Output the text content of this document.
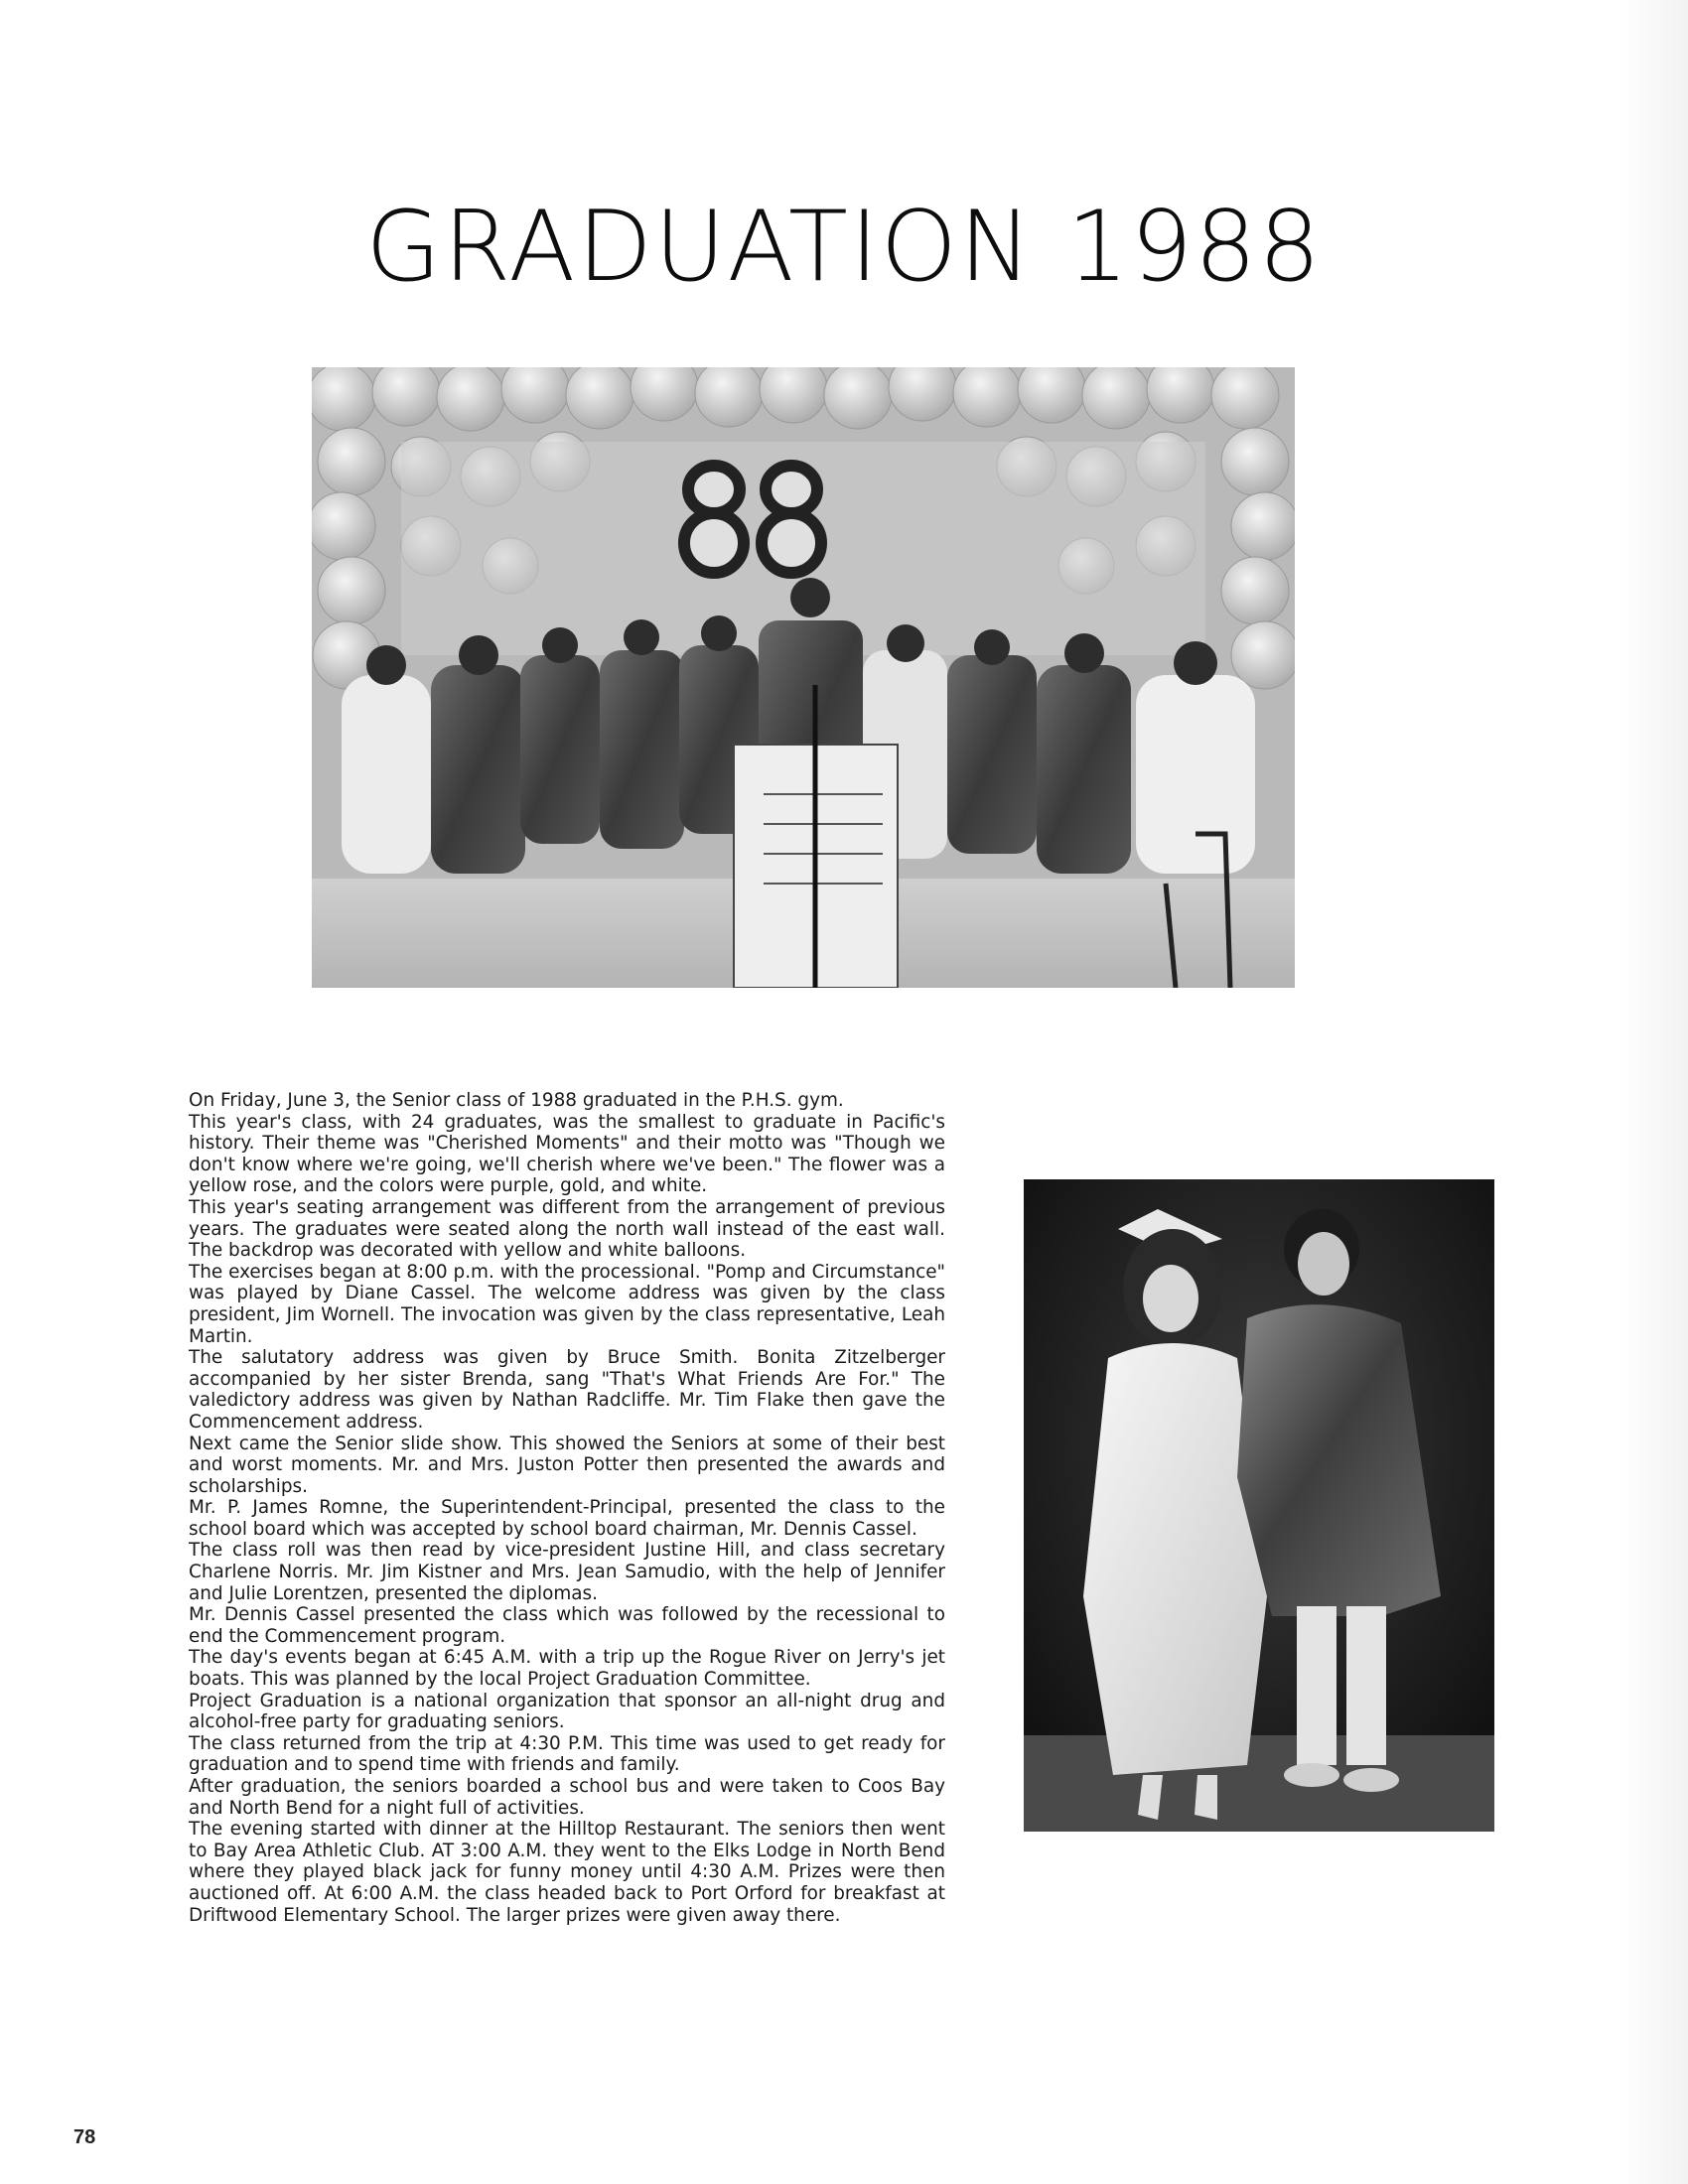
GRADUATION 1988

On Friday, June 3, the Senior class of 1988 graduated in the P.H.S. gym.

This year's class, with 24 graduates, was the smallest to graduate in Pacific's history. Their theme was "Cherished Moments" and their motto was "Though we don't know where we're going, we'll cherish where we've been." The flower was a yellow rose, and the colors were purple, gold, and white.

This year's seating arrangement was different from the arrangement of previous years. The graduates were seated along the north wall instead of the east wall. The backdrop was decorated with yellow and white balloons.

The exercises began at 8:00 p.m. with the processional. "Pomp and Circumstance" was played by Diane Cassel. The welcome address was given by the class president, Jim Wornell. The invocation was given by the class representative, Leah Martin.

The salutatory address was given by Bruce Smith. Bonita Zitzelberger accompanied by her sister Brenda, sang "That's What Friends Are For." The valedictory address was given by Nathan Radcliffe. Mr. Tim Flake then gave the Commencement address.

Next came the Senior slide show. This showed the Seniors at some of their best and worst moments. Mr. and Mrs. Juston Potter then presented the awards and scholarships.

Mr. P. James Romne, the Superintendent-Principal, presented the class to the school board which was accepted by school board chairman, Mr. Dennis Cassel.

The class roll was then read by vice-president Justine Hill, and class secretary Charlene Norris. Mr. Jim Kistner and Mrs. Jean Samudio, with the help of Jennifer and Julie Lorentzen, presented the diplomas.

Mr. Dennis Cassel presented the class which was followed by the recessional to end the Commencement program.

The day's events began at 6:45 A.M. with a trip up the Rogue River on Jerry's jet boats. This was planned by the local Project Graduation Committee.

Project Graduation is a national organization that sponsor an all-night drug and alcohol-free party for graduating seniors.

The class returned from the trip at 4:30 P.M. This time was used to get ready for graduation and to spend time with friends and family.

After graduation, the seniors boarded a school bus and were taken to Coos Bay and North Bend for a night full of activities.

The evening started with dinner at the Hilltop Restaurant. The seniors then went to Bay Area Athletic Club. AT 3:00 A.M. they went to the Elks Lodge in North Bend where they played black jack for funny money until 4:30 A.M. Prizes were then auctioned off. At 6:00 A.M. the class headed back to Port Orford for breakfast at Driftwood Elementary School. The larger prizes were given away there.

78
